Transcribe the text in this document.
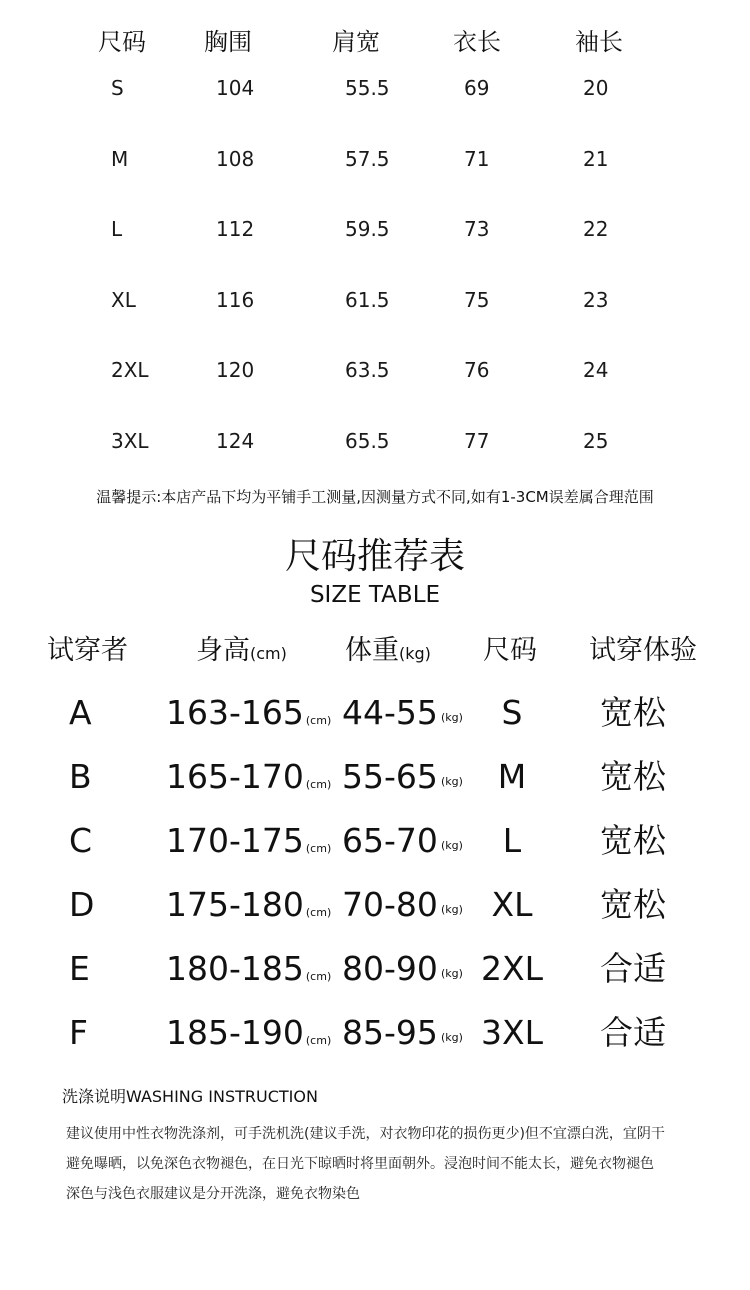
尺码 胸围	肩宽	衣长	袖长
S	104	55.5	69	20
M	108	57.5	71	21
L	112	59.5	73	22
XL	116	61.5	75	23
2XL	120	63.5	76	24
3XL	124	65.5	77	25
温馨提示:本店产品下均为平铺手工测量,因测量方式不同,如有1-3CM误差属合理范围
尺码推荐表
SIZE TABLE
试穿者	身高(cm) 体重(kg) 尺码 试穿体验
A 163-165 (cm) 44-55 (kg)	S	宽松
B 165-170 (cm) 55-65 (kg)	M	宽松
C 170-175 (cm) 65-70 (kg)	L	宽松
D 175-180 (cm) 70-80 (kg) XL	宽松
E 180-185 (cm) 80-90 (kg) 2XL	合适
F 185-190 (cm) 85-95 (kg) 3XL	合适
洗涤说明WASHING INSTRUCTION
建议使用中性衣物洗涤剂，可手洗机洗(建议手洗，对衣物印花的损伤更少)但不宜漂白洗，宜阴干避免曝晒，以免深色衣物褪色，在日光下晾晒时将里面朝外。浸泡时间不能太长，避免衣物褪色深色与浅色衣服建议是分开洗涤，避免衣物染色
